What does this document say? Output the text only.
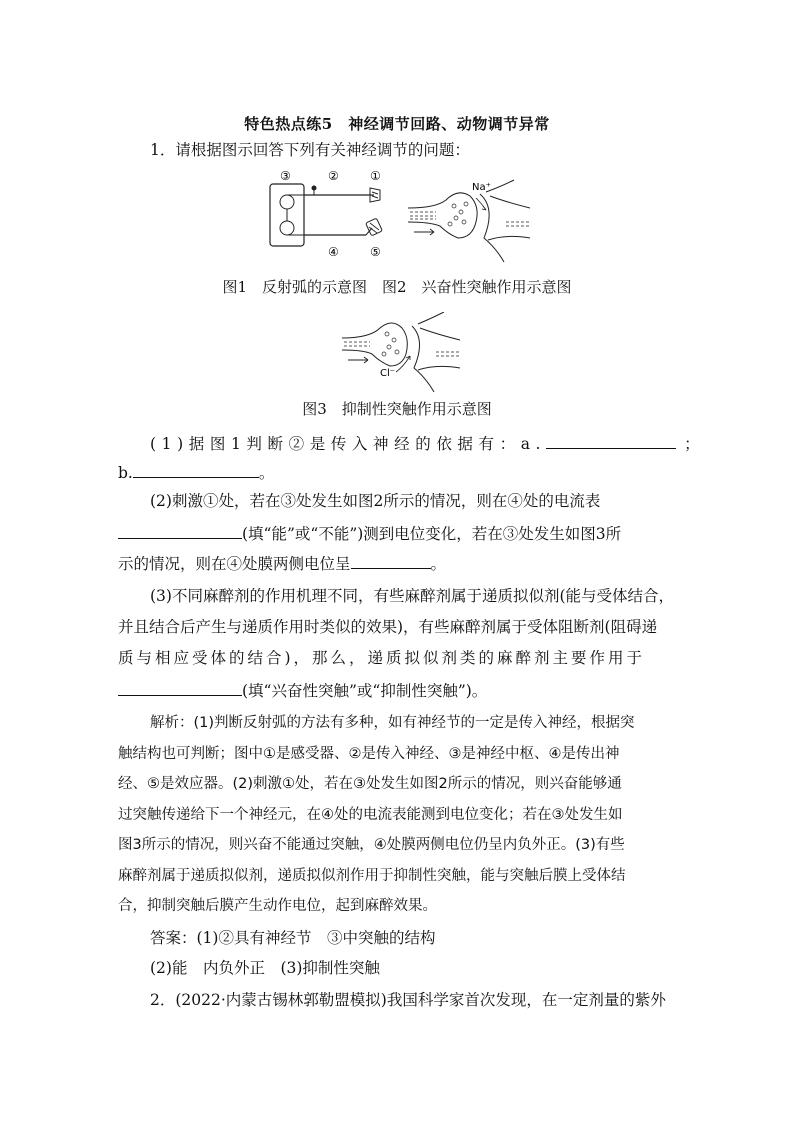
特色热点练5　神经调节回路、动物调节异常
1．请根据图示回答下列有关神经调节的问题：
③	②	①
④	⑤
Na⁺
图1　反射弧的示意图　图2　兴奋性突触作用示意图
Cl⁻
图3　抑制性突触作用示意图
(1)据图1判断②是传入神经的依据有：a.	；
b.	。
(2)刺激①处，若在③处发生如图2所示的情况，则在④处的电流表
(填“能”或“不能”)测到电位变化，若在③处发生如图3所
示的情况，则在④处膜两侧电位呈	。
(3)不同麻醉剂的作用机理不同，有些麻醉剂属于递质拟似剂(能与受体结合，
并且结合后产生与递质作用时类似的效果)，有些麻醉剂属于受体阻断剂(阻碍递
质与相应受体的结合)，那么，递质拟似剂类的麻醉剂主要作用于
(填“兴奋性突触”或“抑制性突触”)。
解析：(1)判断反射弧的方法有多种，如有神经节的一定是传入神经，根据突
触结构也可判断；图中①是感受器、②是传入神经、③是神经中枢、④是传出神
经、⑤是效应器。(2)刺激①处，若在③处发生如图2所示的情况，则兴奋能够通
过突触传递给下一个神经元，在④处的电流表能测到电位变化；若在③处发生如
图3所示的情况，则兴奋不能通过突触，④处膜两侧电位仍呈内负外正。(3)有些
麻醉剂属于递质拟似剂，递质拟似剂作用于抑制性突触，能与突触后膜上受体结
合，抑制突触后膜产生动作电位，起到麻醉效果。
答案：(1)②具有神经节　③中突触的结构
(2)能　内负外正　(3)抑制性突触
2．(2022·内蒙古锡林郭勒盟模拟)我国科学家首次发现，在一定剂量的紫外
